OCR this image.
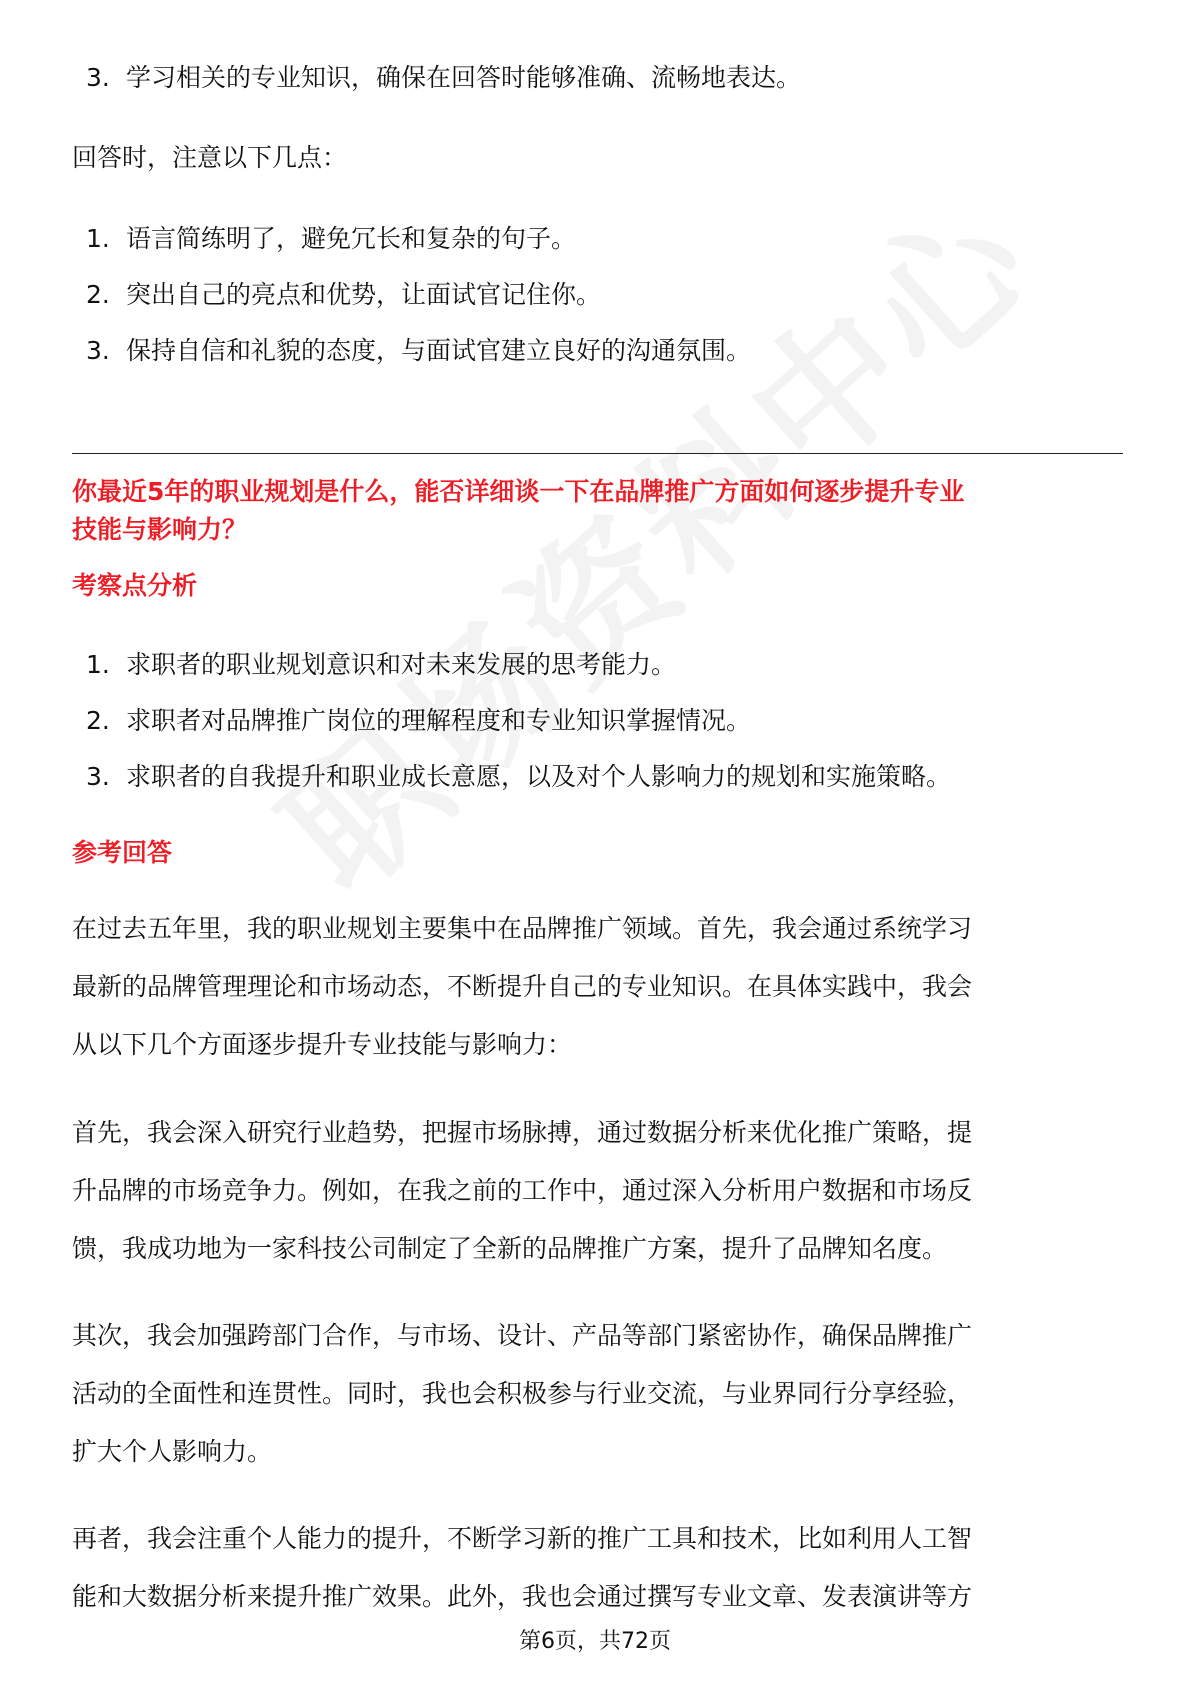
3. 学习相关的专业知识，确保在回答时能够准确、流畅地表达。
回答时，注意以下几点：
1. 语言简练明了，避免冗长和复杂的句子。
2. 突出自己的亮点和优势，让面试官记住你。
3. 保持自信和礼貌的态度，与面试官建立良好的沟通氛围。
你最近5年的职业规划是什么，能否详细谈一下在品牌推广方面如何逐步提升专业
技能与影响力？
考察点分析
1. 求职者的职业规划意识和对未来发展的思考能力。
2. 求职者对品牌推广岗位的理解程度和专业知识掌握情况。
3. 求职者的自我提升和职业成长意愿，以及对个人影响力的规划和实施策略。
参考回答
在过去五年里，我的职业规划主要集中在品牌推广领域。首先，我会通过系统学习
最新的品牌管理理论和市场动态，不断提升自己的专业知识。在具体实践中，我会
从以下几个方面逐步提升专业技能与影响力：
首先，我会深入研究行业趋势，把握市场脉搏，通过数据分析来优化推广策略，提
升品牌的市场竞争力。例如，在我之前的工作中，通过深入分析用户数据和市场反
馈，我成功地为一家科技公司制定了全新的品牌推广方案，提升了品牌知名度。
其次，我会加强跨部门合作，与市场、设计、产品等部门紧密协作，确保品牌推广
活动的全面性和连贯性。同时，我也会积极参与行业交流，与业界同行分享经验，
扩大个人影响力。
再者，我会注重个人能力的提升，不断学习新的推广工具和技术，比如利用人工智
能和大数据分析来提升推广效果。此外，我也会通过撰写专业文章、发表演讲等方
第6页，共72页
